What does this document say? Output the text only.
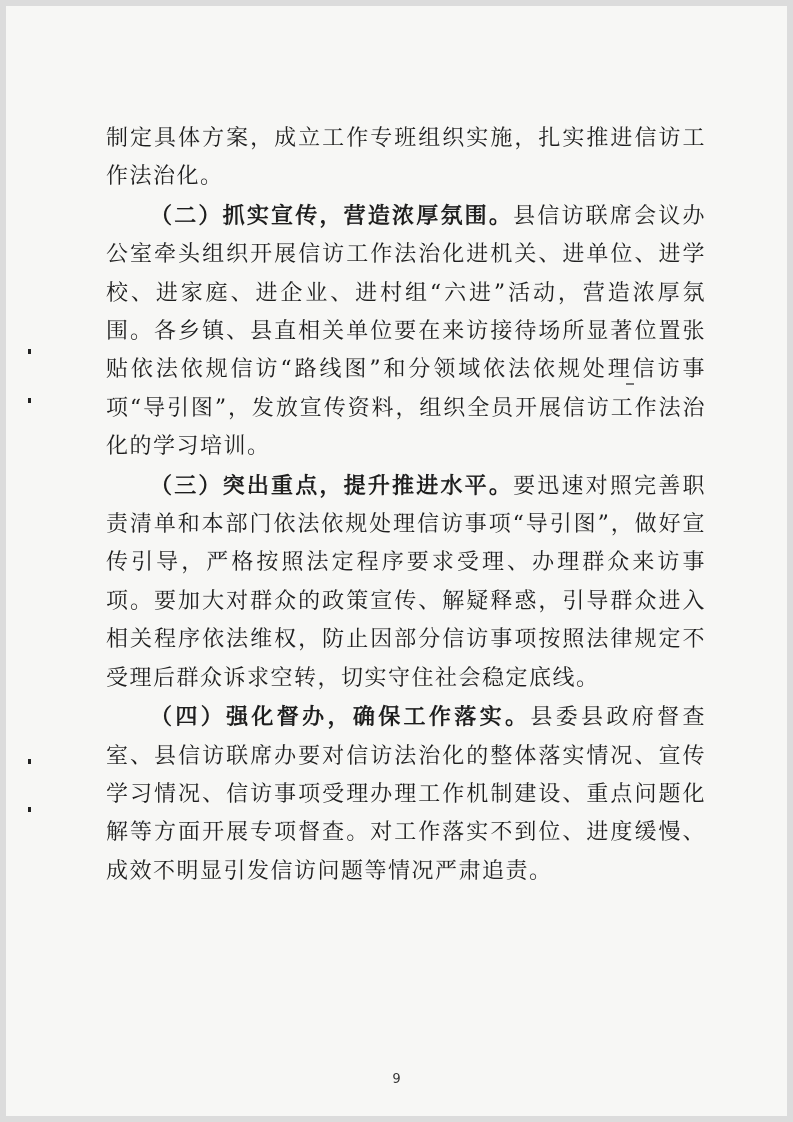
制定具体方案，成立工作专班组织实施，扎实推进信访工作法治化。

（二）抓实宣传，营造浓厚氛围。县信访联席会议办公室牵头组织开展信访工作法治化进机关、进单位、进学校、进家庭、进企业、进村组“六进”活动，营造浓厚氛围。各乡镇、县直相关单位要在来访接待场所显著位置张贴依法依规信访“路线图”和分领域依法依规处理信访事项“导引图”，发放宣传资料，组织全员开展信访工作法治化的学习培训。

（三）突出重点，提升推进水平。要迅速对照完善职责清单和本部门依法依规处理信访事项“导引图”，做好宣传引导，严格按照法定程序要求受理、办理群众来访事项。要加大对群众的政策宣传、解疑释惑，引导群众进入相关程序依法维权，防止因部分信访事项按照法律规定不受理后群众诉求空转，切实守住社会稳定底线。

（四）强化督办，确保工作落实。县委县政府督查室、县信访联席办要对信访法治化的整体落实情况、宣传学习情况、信访事项受理办理工作机制建设、重点问题化解等方面开展专项督查。对工作落实不到位、进度缓慢、成效不明显引发信访问题等情况严肃追责。

9
